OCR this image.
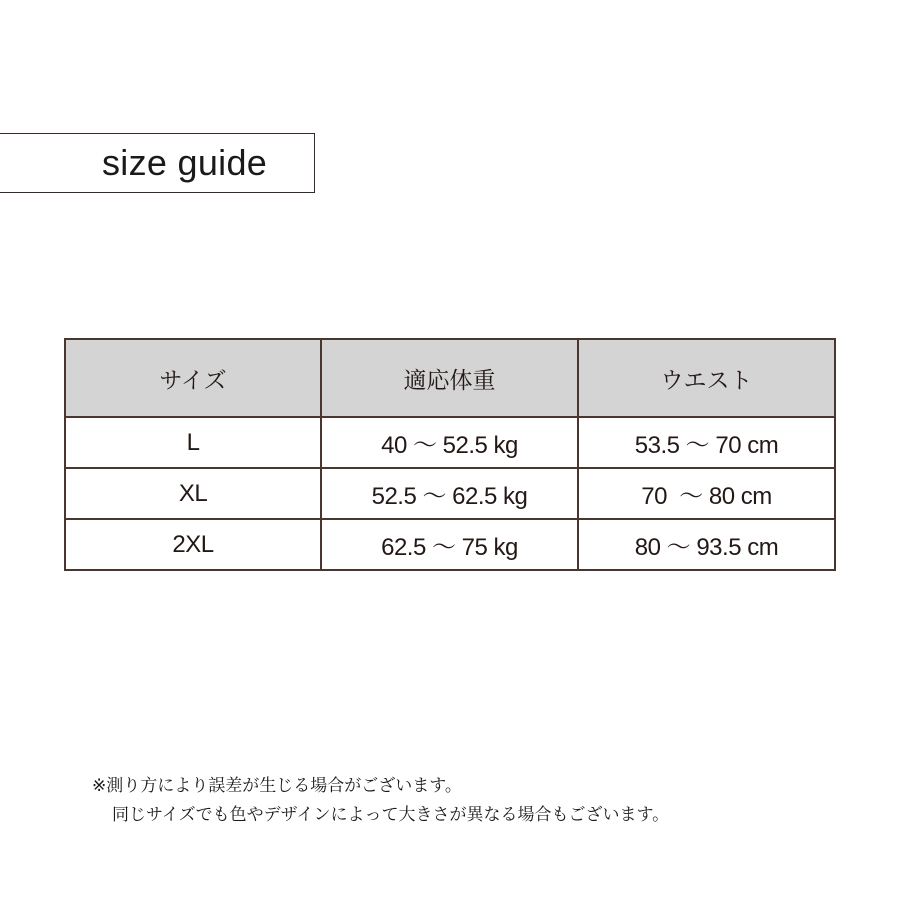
size guide
サイズ	適応体重	ウエスト
L	40 〜 52.5 kg	53.5 〜 70 cm
XL	52.5 〜 62.5 kg	70  〜 80 cm
2XL	62.5 〜 75 kg	80 〜 93.5 cm
※測り方により誤差が生じる場合がございます。
同じサイズでも色やデザインによって大きさが異なる場合もございます。
